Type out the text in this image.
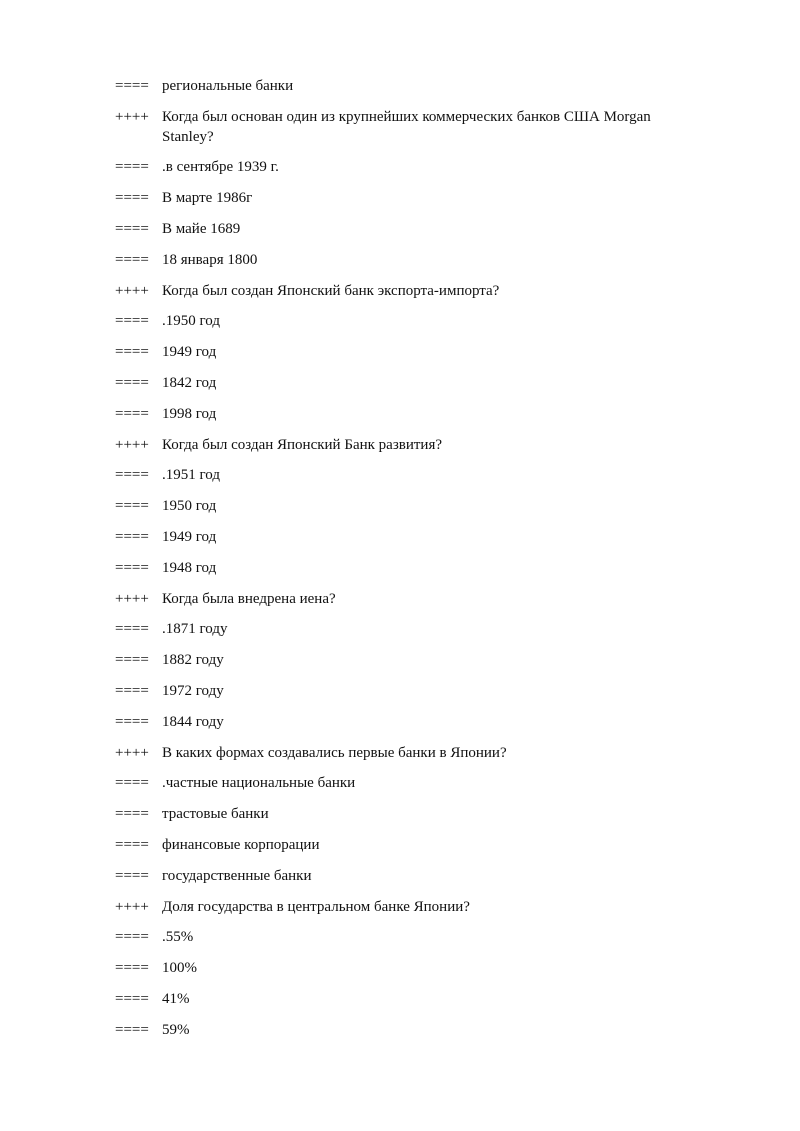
==== региональные банки
++++ Когда был основан один из крупнейших коммерческих банков США Morgan Stanley?
==== .в сентябре 1939 г.
==== В марте 1986г
==== В майе 1689
==== 18 января 1800
++++ Когда был создан Японский банк экспорта-импорта?
==== .1950 год
==== 1949 год
==== 1842 год
==== 1998 год
++++ Когда был создан Японский Банк развития?
==== .1951 год
==== 1950 год
==== 1949 год
==== 1948 год
++++ Когда была внедрена иена?
==== .1871 году
==== 1882 году
==== 1972 году
==== 1844 году
++++ В каких формах создавались первые банки в Японии?
==== .частные национальные банки
==== трастовые банки
==== финансовые корпорации
==== государственные банки
++++ Доля государства в центральном банке Японии?
==== .55%
==== 100%
==== 41%
==== 59%
